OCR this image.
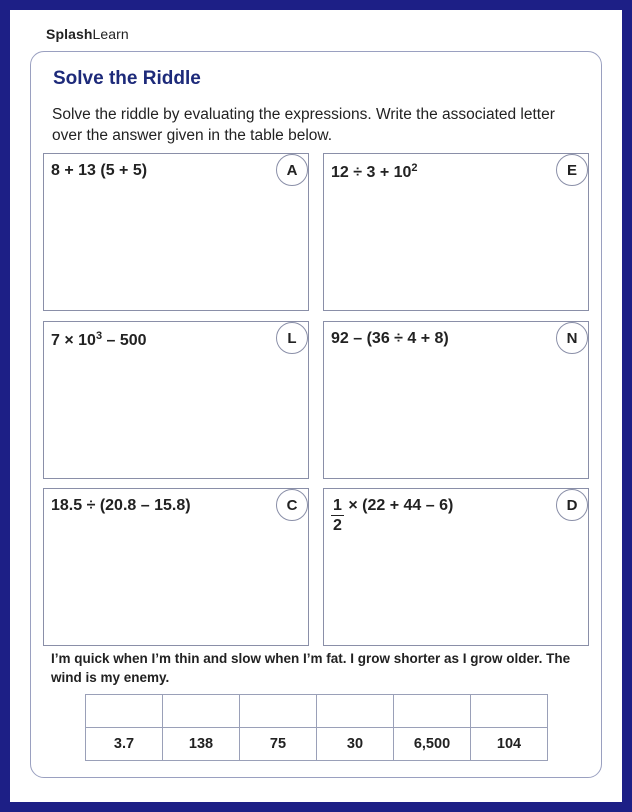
SplashLearn
Solve the Riddle
Solve the riddle by evaluating the expressions. Write the associated letter over the answer given in the table below.
8 + 13 (5 + 5)	A	$12 \div 3 + 10^2$	E
$7 \times 10^3 - 500$	L	92 – (36 ÷ 4 + 8)	N
18.5 ÷ (20.8 – 15.8)	C	$\frac{1}{2} \times (22 + 44 - 6)$	D
I’m quick when I’m thin and slow when I’m fat. I grow shorter as I grow older. The wind is my enemy.

3.7	138	75	30	6,500	104
